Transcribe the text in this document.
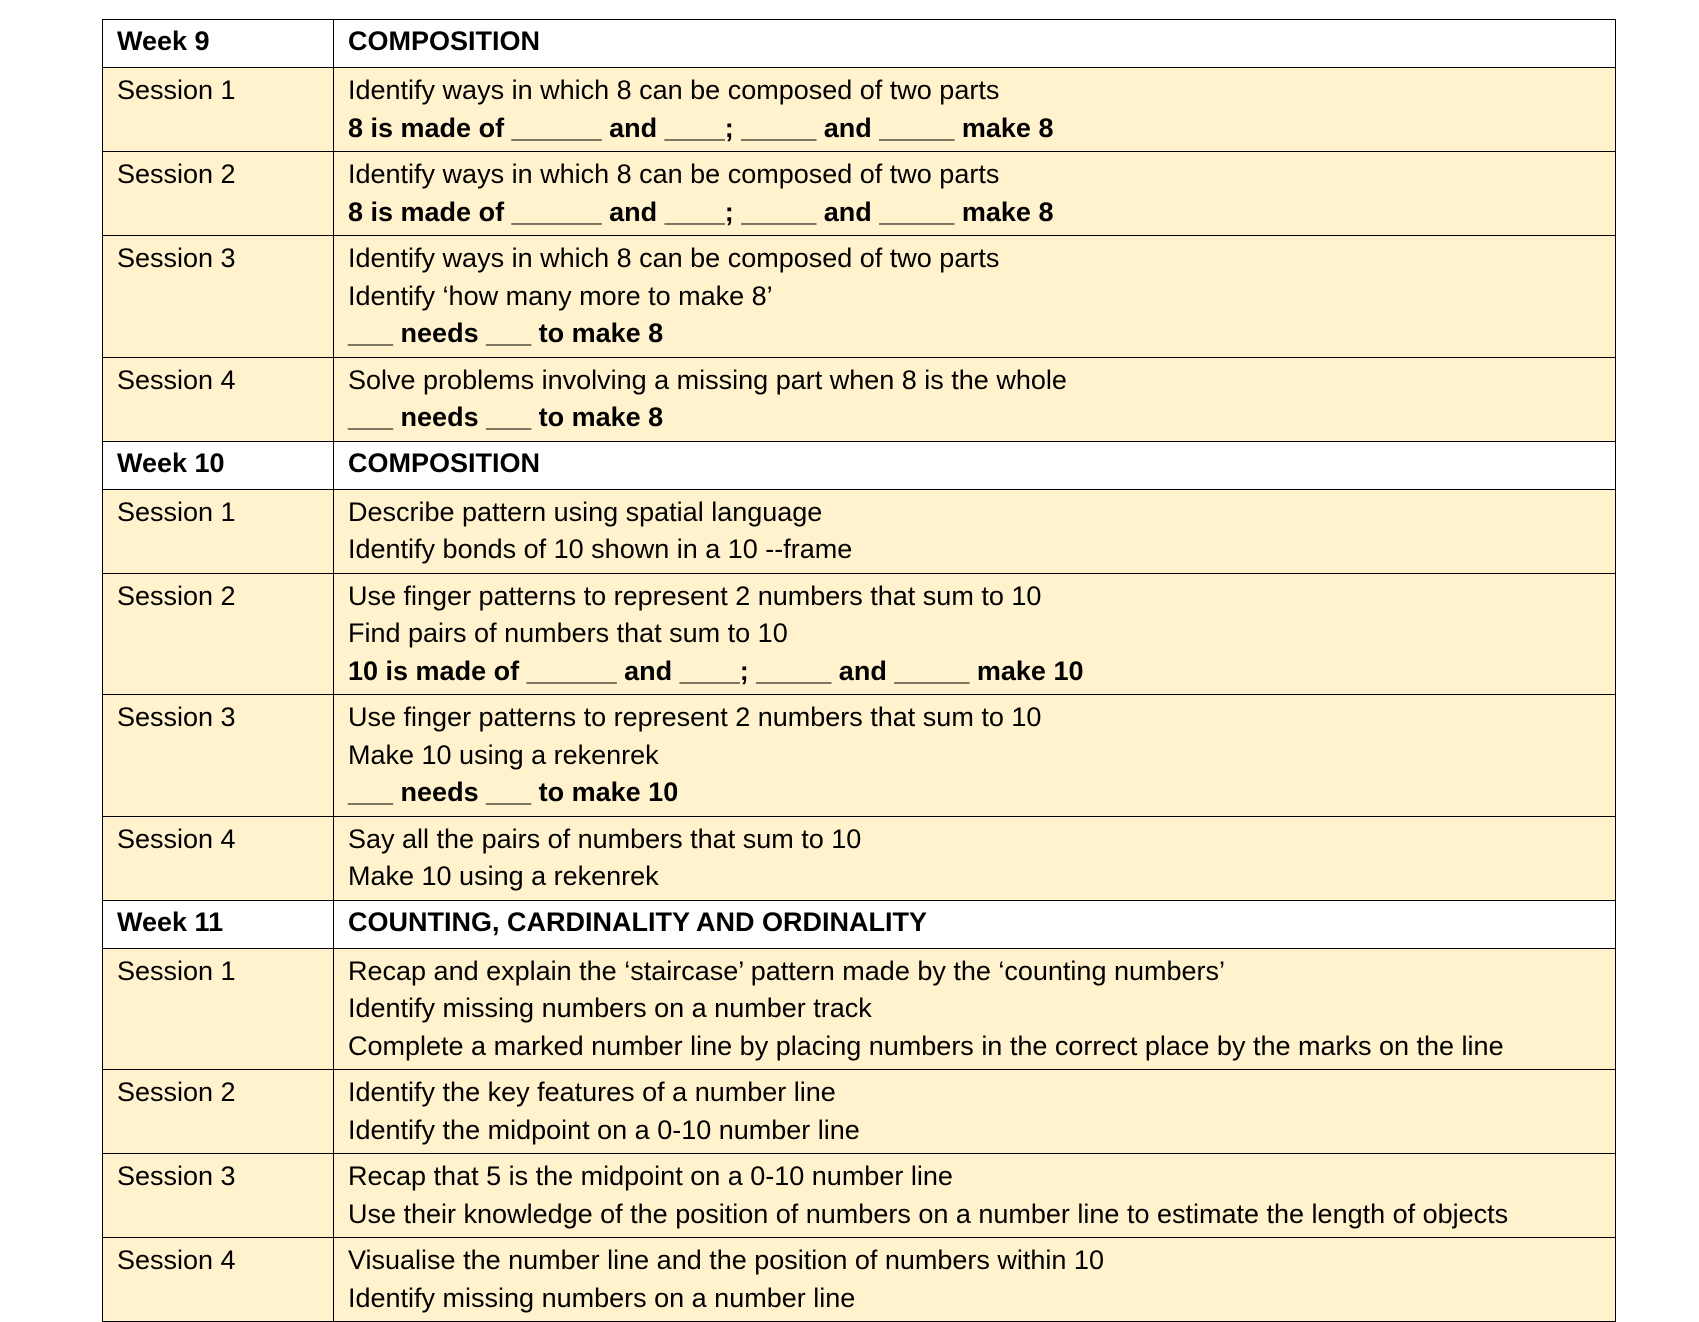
Week 9	COMPOSITION

Session 1	Identify ways in which 8 can be composed of two parts
8 is made of ______ and ____; _____ and _____ make 8

Session 2	Identify ways in which 8 can be composed of two parts
8 is made of ______ and ____; _____ and _____ make 8

Session 3	Identify ways in which 8 can be composed of two parts
Identify ‘how many more to make 8’
___ needs ___ to make 8

Session 4	Solve problems involving a missing part when 8 is the whole
___ needs ___ to make 8

Week 10	COMPOSITION

Session 1	Describe pattern using spatial language
Identify bonds of 10 shown in a 10 --frame

Session 2	Use finger patterns to represent 2 numbers that sum to 10
Find pairs of numbers that sum to 10
10 is made of ______ and ____; _____ and _____ make 10

Session 3	Use finger patterns to represent 2 numbers that sum to 10
Make 10 using a rekenrek
___ needs ___ to make 10

Session 4	Say all the pairs of numbers that sum to 10
Make 10 using a rekenrek

Week 11	COUNTING, CARDINALITY AND ORDINALITY

Session 1	Recap and explain the ‘staircase’ pattern made by the ‘counting numbers’
Identify missing numbers on a number track
Complete a marked number line by placing numbers in the correct place by the marks on the line

Session 2	Identify the key features of a number line
Identify the midpoint on a 0-10 number line

Session 3	Recap that 5 is the midpoint on a 0-10 number line
Use their knowledge of the position of numbers on a number line to estimate the length of objects

Session 4	Visualise the number line and the position of numbers within 10
Identify missing numbers on a number line
